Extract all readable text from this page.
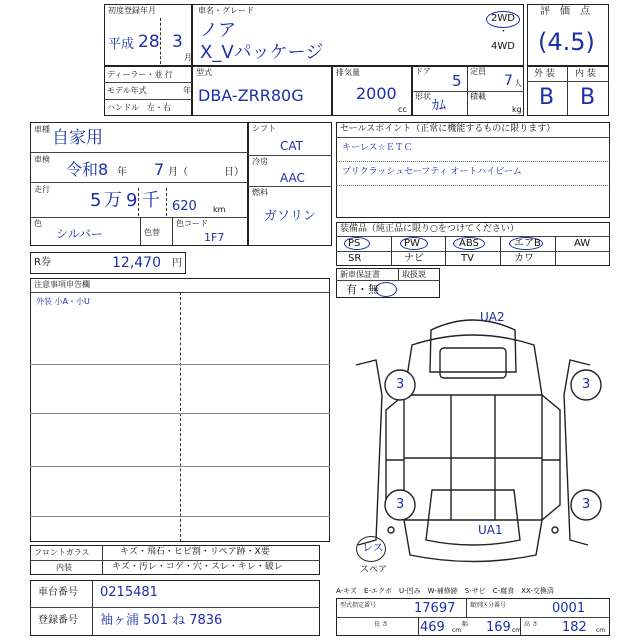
初度登録年月
平成 28 3
月
車名・グレード
ノア
X_Vパッケージ
2WD
・
4WD
評　価　点
(4.5)
ディーラー・並 行
モデル年式	年
ハンドル　左・右
型式
DBA-ZRR80G
排気量
2000
cc
ドア
5
定員
7 人
形状
ｶﾑ
積載
kg
外 装 内 装
B B
車種 自家用
車検
令和8 年 7 月（	日）
走行
5 万 9 千 620 km
色
シルバー	色替
色コード
1F7
シフト
CAT
冷房
AAC
燃料
ガソリン
R券	12,470 円
セールスポイント（正常に機能するものに限ります）
キーレス☆ＥＴＣ
プリクラッシュセーフティ オートハイビーム
装備品（純正品に限り○をつけてください）
PS	PW	ABS	エアB	AW
SR	ナビ	TV	カワ
新車保証書	取扱説
有・無
注意事項申告欄
外装 小A・小U
フロントガラス	キズ・飛石・ヒビ割・リペア跡・X要
内装	キズ・汚レ・コゲ・穴・スレ・キレ・破レ
車台番号 0215481
登録番号 袖ヶ浦 501 ね 7836
A-キズ　E-エクボ　U-凹み　W-補修跡　S-サビ　C-腐食　XX-交換済
型式指定番号	17697 類別区分番号	0001
長 さ 469 cm
幅 169 cm
高 さ 182 cm
UA2
UA1
3	3
3	3
レス
スペア
